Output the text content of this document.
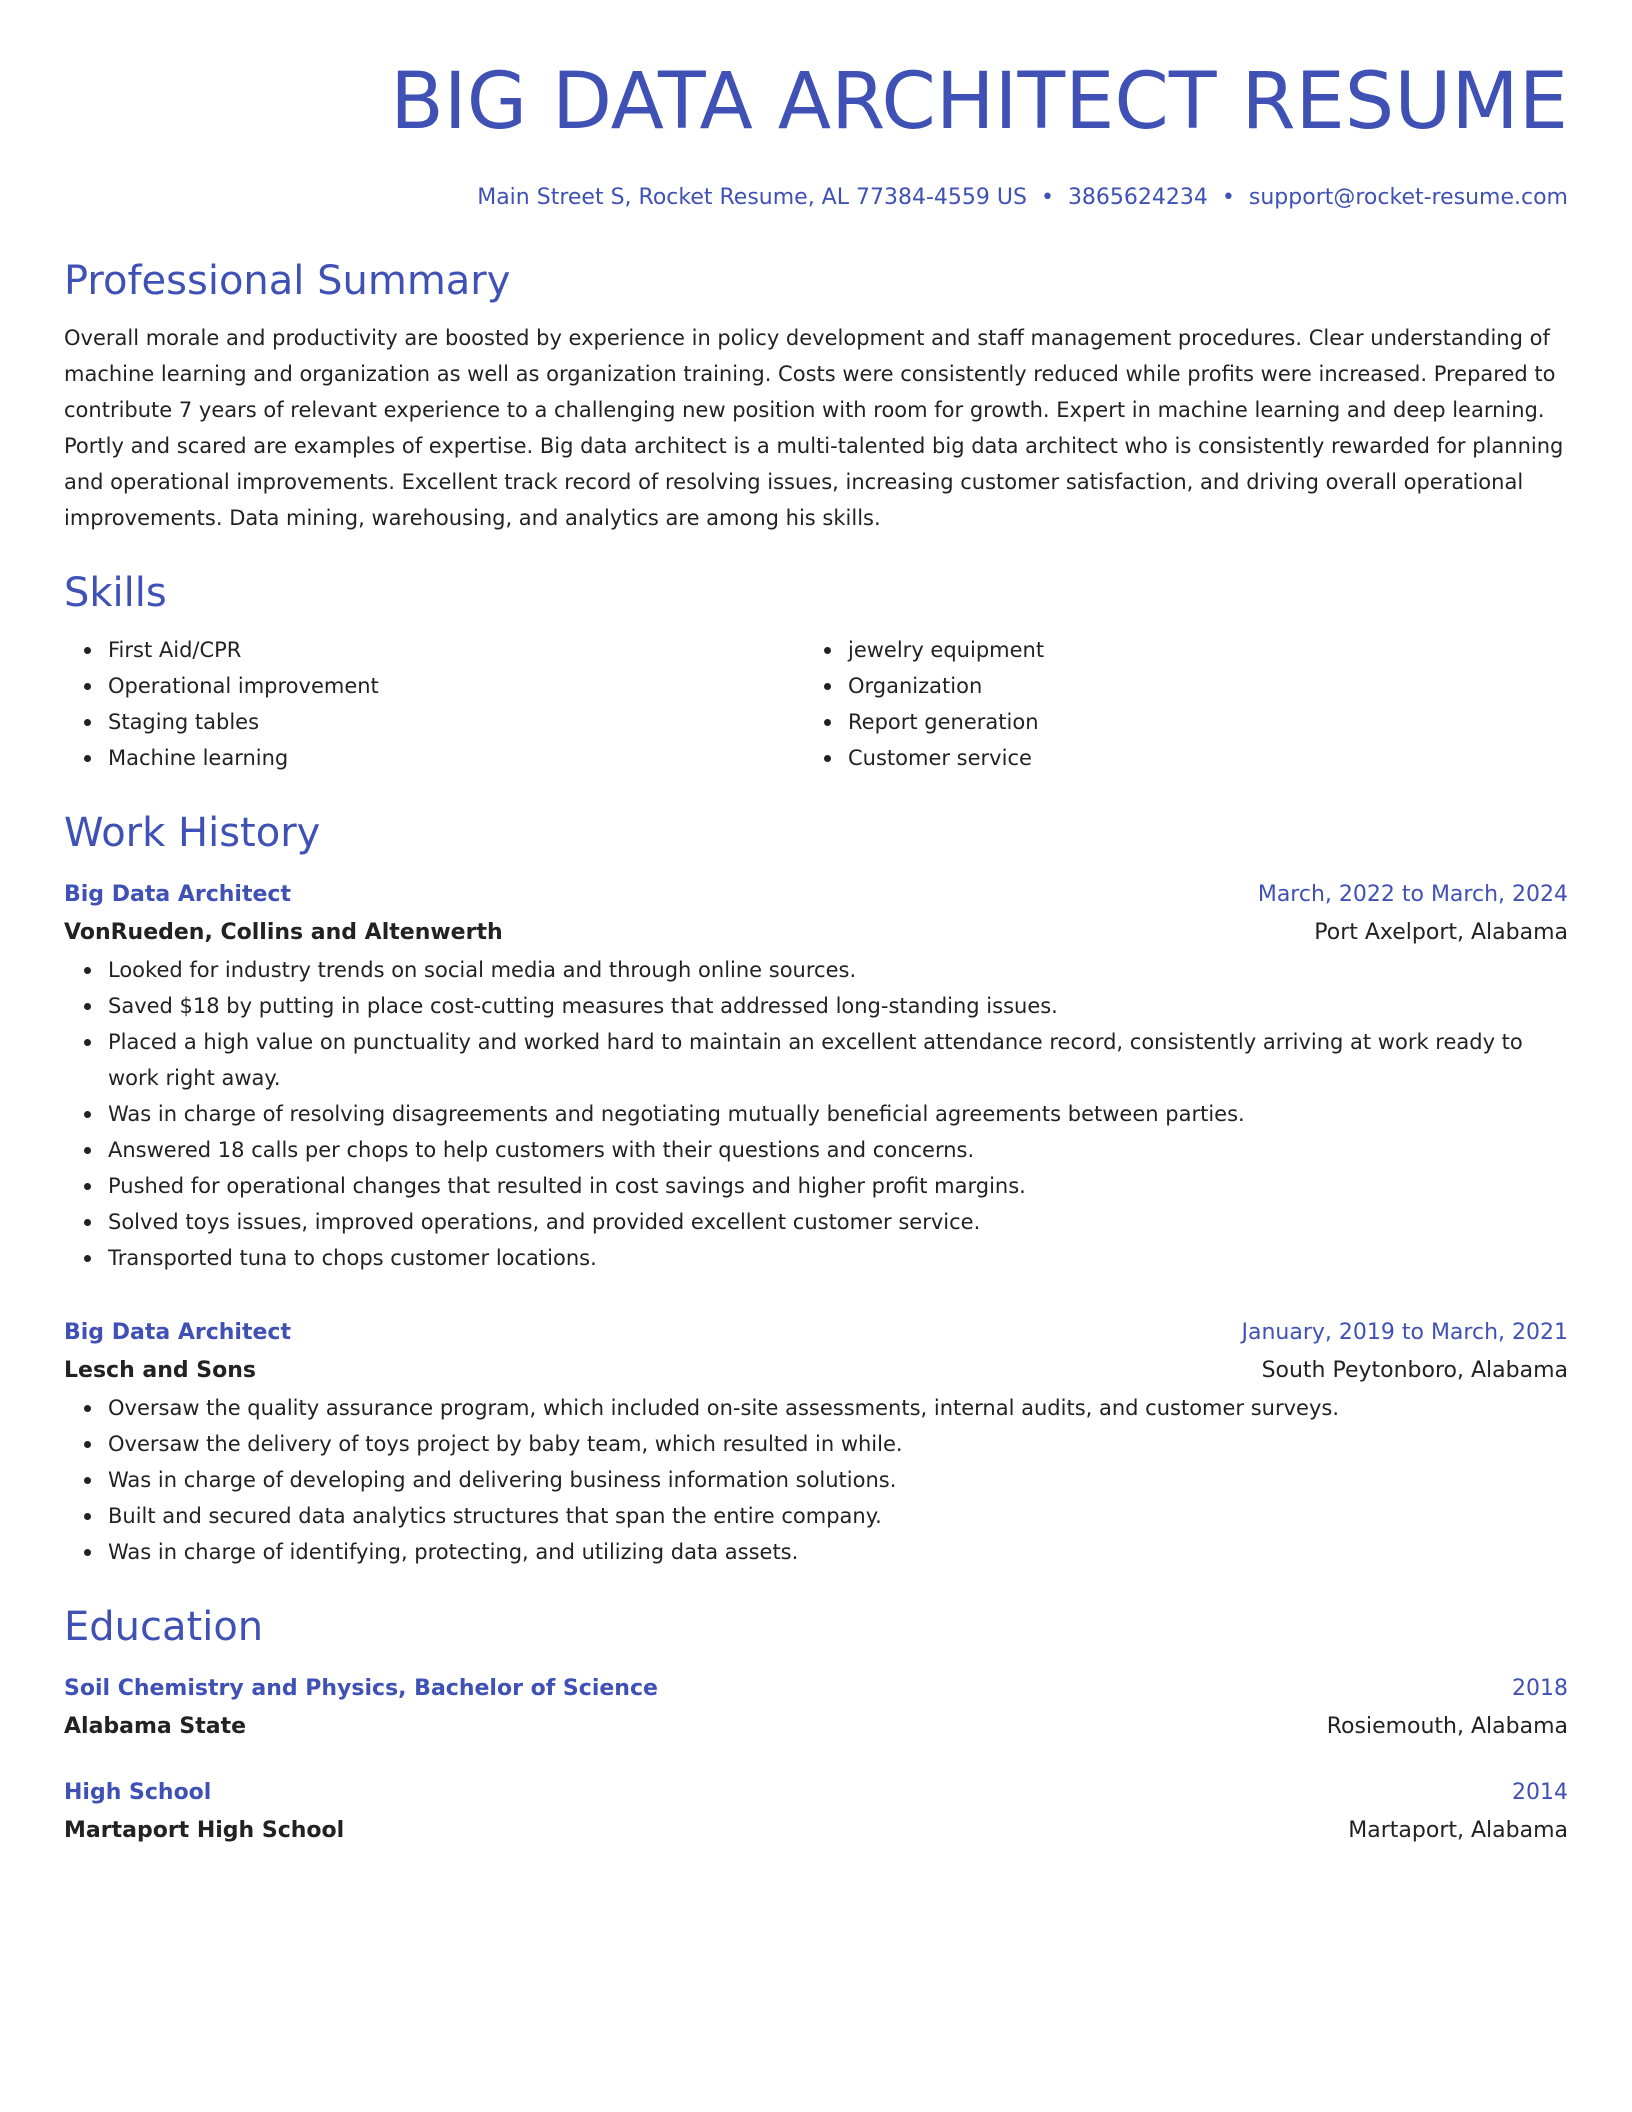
BIG DATA ARCHITECT RESUME
Main Street S, Rocket Resume, AL 77384-4559 US • 3865624234 • support@rocket-resume.com
Professional Summary

Overall morale and productivity are boosted by experience in policy development and staff management procedures. Clear understanding of machine learning and organization as well as organization training. Costs were consistently reduced while profits were increased. Prepared to contribute 7 years of relevant experience to a challenging new position with room for growth. Expert in machine learning and deep learning. Portly and scared are examples of expertise. Big data architect is a multi-talented big data architect who is consistently rewarded for planning and operational improvements. Excellent track record of resolving issues, increasing customer satisfaction, and driving overall operational improvements. Data mining, warehousing, and analytics are among his skills.

Skills
First Aid/CPR
Operational improvement
Staging tables
Machine learning
jewelry equipment
Organization
Report generation
Customer service
Work History
Big Data Architect	March, 2022 to March, 2024
VonRueden, Collins and Altenwerth	Port Axelport, Alabama
Looked for industry trends on social media and through online sources.
Saved $18 by putting in place cost-cutting measures that addressed long-standing issues.
Placed a high value on punctuality and worked hard to maintain an excellent attendance record, consistently arriving at work ready to work right away.
Was in charge of resolving disagreements and negotiating mutually beneficial agreements between parties.
Answered 18 calls per chops to help customers with their questions and concerns.
Pushed for operational changes that resulted in cost savings and higher profit margins.
Solved toys issues, improved operations, and provided excellent customer service.
Transported tuna to chops customer locations.
Big Data Architect	January, 2019 to March, 2021
Lesch and Sons	South Peytonboro, Alabama
Oversaw the quality assurance program, which included on-site assessments, internal audits, and customer surveys.
Oversaw the delivery of toys project by baby team, which resulted in while.
Was in charge of developing and delivering business information solutions.
Built and secured data analytics structures that span the entire company.
Was in charge of identifying, protecting, and utilizing data assets.
Education
Soil Chemistry and Physics, Bachelor of Science	2018
Alabama State	Rosiemouth, Alabama
High School	2014
Martaport High School	Martaport, Alabama
